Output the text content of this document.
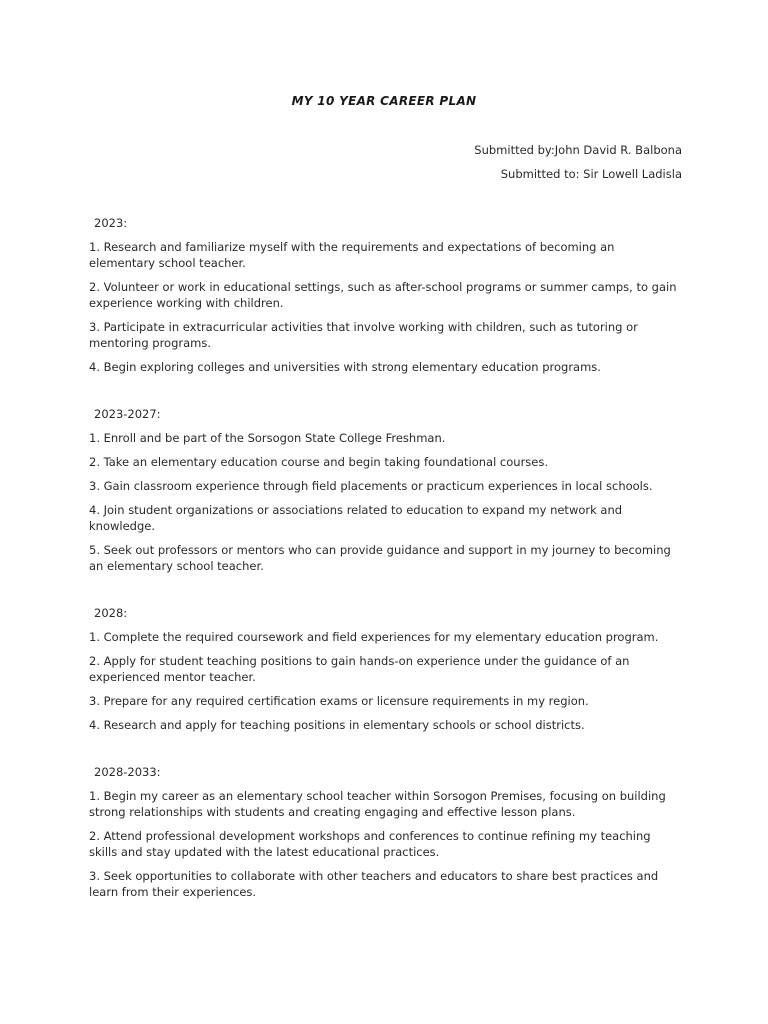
MY 10 YEAR CAREER PLAN
Submitted by:John David R. Balbona
Submitted to: Sir Lowell Ladisla
2023:
1. Research and familiarize myself with the requirements and expectations of becoming an elementary school teacher.
2. Volunteer or work in educational settings, such as after-school programs or summer camps, to gain experience working with children.
3. Participate in extracurricular activities that involve working with children, such as tutoring or mentoring programs.
4. Begin exploring colleges and universities with strong elementary education programs.
2023-2027:
1. Enroll and be part of the Sorsogon State College Freshman.
2. Take an elementary education course and begin taking foundational courses.
3. Gain classroom experience through field placements or practicum experiences in local schools.
4. Join student organizations or associations related to education to expand my network and knowledge.
5. Seek out professors or mentors who can provide guidance and support in my journey to becoming an elementary school teacher.
2028:
1. Complete the required coursework and field experiences for my elementary education program.
2. Apply for student teaching positions to gain hands-on experience under the guidance of an experienced mentor teacher.
3. Prepare for any required certification exams or licensure requirements in my region.
4. Research and apply for teaching positions in elementary schools or school districts.
2028-2033:
1. Begin my career as an elementary school teacher within Sorsogon Premises, focusing on building strong relationships with students and creating engaging and effective lesson plans.
2. Attend professional development workshops and conferences to continue refining my teaching skills and stay updated with the latest educational practices.
3. Seek opportunities to collaborate with other teachers and educators to share best practices and learn from their experiences.
